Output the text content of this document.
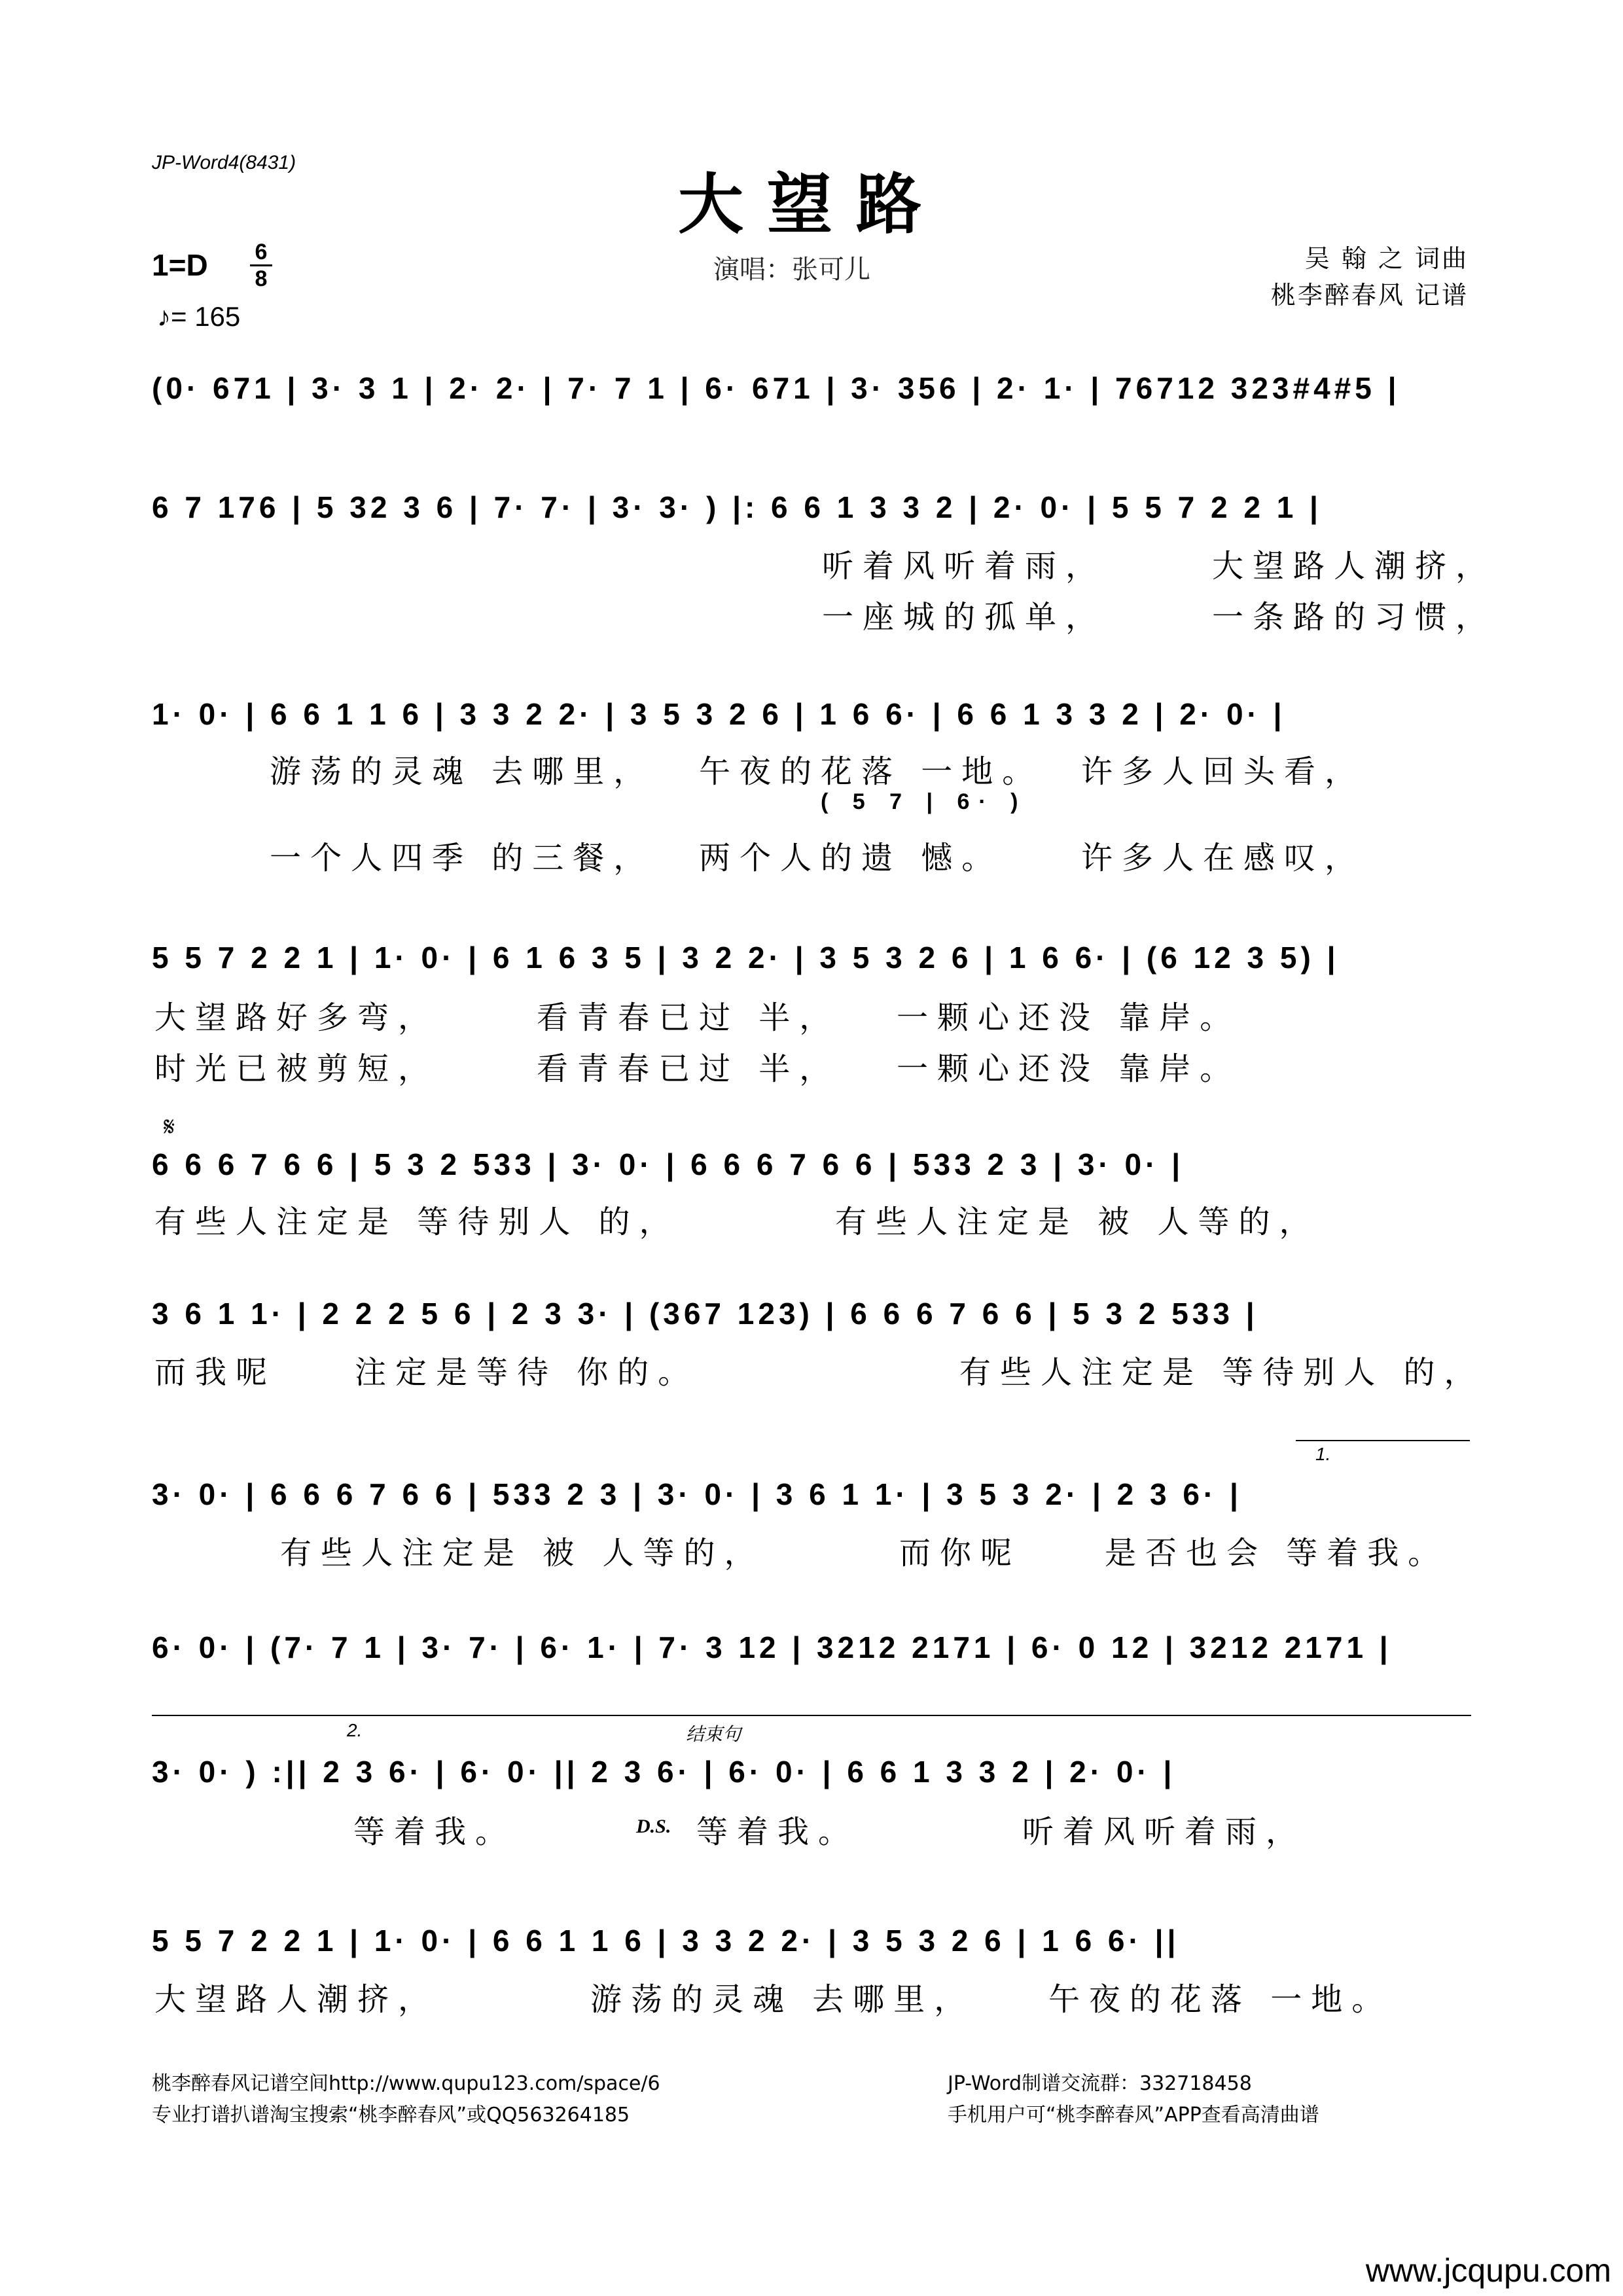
JP-Word4(8431)
大望路
1=D 6
8
♪= 165
演唱：张可儿	吴 翰 之 词曲
桃李醉春风 记谱
𝄋
1.
2.	结束句
(0· 671 | 3· 3 1 | 2· 2· | 7· 7 1 | 6· 671 | 3· 356 | 2· 1· | 76712 323#4#5 |
6 7 176 | 5 32 3 6 | 7· 7· | 3· 3· ) |: 6 6 1 3 3 2 | 2· 0· | 5 5 7 2 2 1 |
听着风听着雨，	大望路人潮挤，
一座城的孤单，	一条路的习惯，
1· 0· | 6 6 1 1 6 | 3 3 2 2· | 3 5 3 2 6 | 1 6 6· | 6 6 1 3 3 2 | 2· 0· |
游荡的灵魂 去哪里， 午夜的花落 一地。 许多人回头看，
( 5 7 | 6· )
一个人四季 的三餐， 两个人的遗 憾。	许多人在感叹，
5 5 7 2 2 1 | 1· 0· | 6 1 6 3 5 | 3 2 2· | 3 5 3 2 6 | 1 6 6· | (6 12 3 5) |
大望路好多弯，	看青春已过 半， 一颗心还没 靠岸。
时光已被剪短，	看青春已过 半， 一颗心还没 靠岸。
6 6 6 7 6 6 | 5 3 2 533 | 3· 0· | 6 6 6 7 6 6 | 533 2 3 | 3· 0· |
有些人注定是 等待别人 的，	有些人注定是 被 人等的，
3 6 1 1· | 2 2 2 5 6 | 2 3 3· | (367 123) | 6 6 6 7 6 6 | 5 3 2 533 |
而我呢 注定是等待 你的。	有些人注定是 等待别人 的，
3· 0· | 6 6 6 7 6 6 | 533 2 3 | 3· 0· | 3 6 1 1· | 3 5 3 2· | 2 3 6· |
有些人注定是 被 人等的，	而你呢	是否也会 等着我。
6· 0· | (7· 7 1 | 3· 7· | 6· 1· | 7· 3 12 | 3212 2171 | 6· 0 12 | 3212 2171 |
3· 0· ) :|| 2 3 6· | 6· 0· || 2 3 6· | 6· 0· | 6 6 1 3 3 2 | 2· 0· |
等着我。	D.S. 等着我。	听着风听着雨，
5 5 7 2 2 1 | 1· 0· | 6 6 1 1 6 | 3 3 2 2· | 3 5 3 2 6 | 1 6 6· ||
大望路人潮挤，	游荡的灵魂 去哪里， 午夜的花落 一地。
桃李醉春风记谱空间http://www.qupu123.com/space/6
专业打谱扒谱淘宝搜索“桃李醉春风”或QQ563264185
JP-Word制谱交流群：332718458
手机用户可“桃李醉春风”APP查看高清曲谱
www.jcqupu.com
